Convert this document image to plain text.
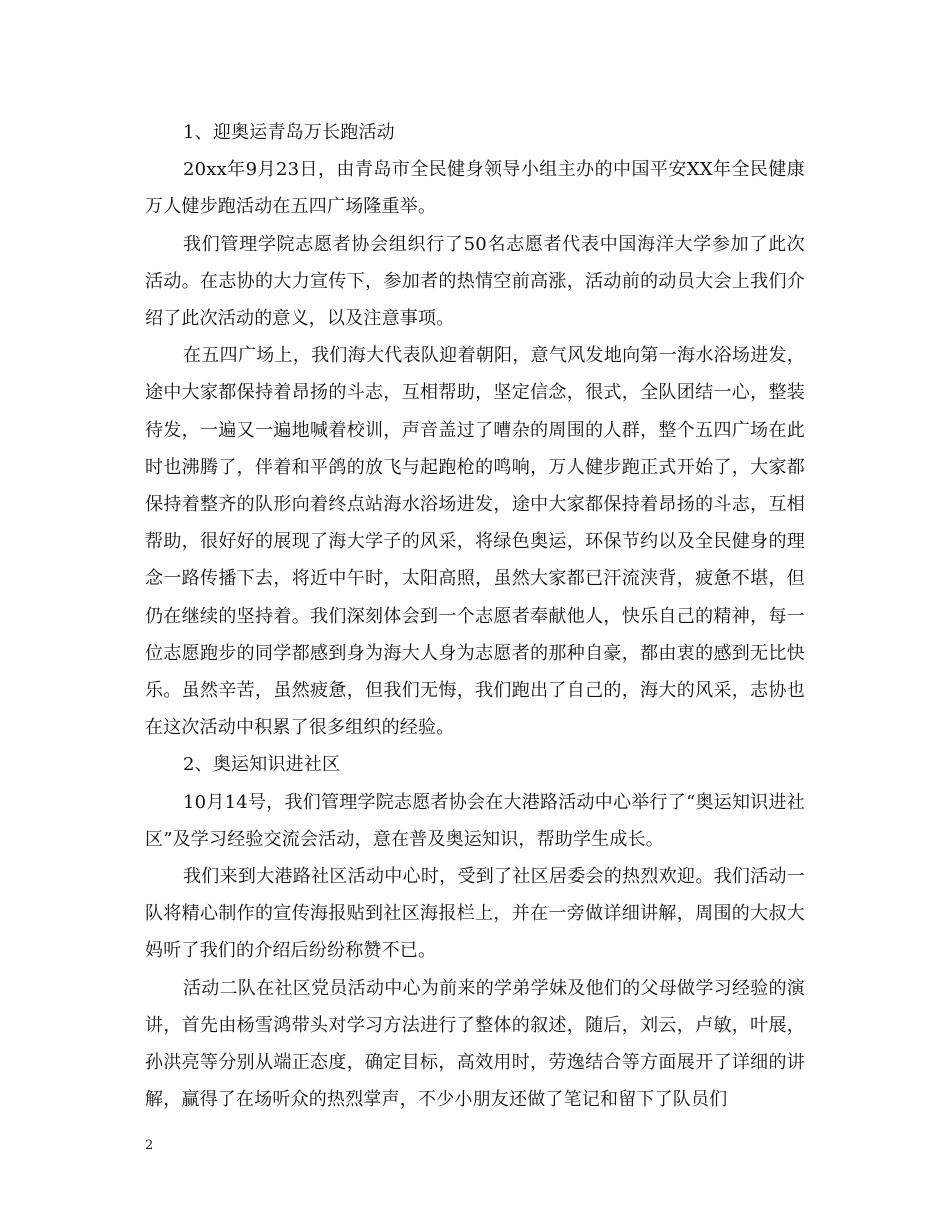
1、迎奥运青岛万长跑活动

20xx年9月23日，由青岛市全民健身领导小组主办的中国平安XX年全民健康万人健步跑活动在五四广场隆重举。

我们管理学院志愿者协会组织行了50名志愿者代表中国海洋大学参加了此次活动。在志协的大力宣传下，参加者的热情空前高涨，活动前的动员大会上我们介绍了此次活动的意义，以及注意事项。

在五四广场上，我们海大代表队迎着朝阳，意气风发地向第一海水浴场进发，途中大家都保持着昂扬的斗志，互相帮助，坚定信念，很式，全队团结一心，整装待发，一遍又一遍地喊着校训，声音盖过了嘈杂的周围的人群，整个五四广场在此时也沸腾了，伴着和平鸽的放飞与起跑枪的鸣响，万人健步跑正式开始了，大家都保持着整齐的队形向着终点站海水浴场进发，途中大家都保持着昂扬的斗志，互相帮助，很好好的展现了海大学子的风采，将绿色奥运，环保节约以及全民健身的理念一路传播下去，将近中午时，太阳高照，虽然大家都已汗流浃背，疲惫不堪，但仍在继续的坚持着。我们深刻体会到一个志愿者奉献他人，快乐自己的精神，每一位志愿跑步的同学都感到身为海大人身为志愿者的那种自豪，都由衷的感到无比快乐。虽然辛苦，虽然疲惫，但我们无悔，我们跑出了自己的，海大的风采，志协也在这次活动中积累了很多组织的经验。

2、奥运知识进社区

10月14号，我们管理学院志愿者协会在大港路活动中心举行了“奥运知识进社区”及学习经验交流会活动，意在普及奥运知识，帮助学生成长。

我们来到大港路社区活动中心时，受到了社区居委会的热烈欢迎。我们活动一队将精心制作的宣传海报贴到社区海报栏上，并在一旁做详细讲解，周围的大叔大妈听了我们的介绍后纷纷称赞不已。

活动二队在社区党员活动中心为前来的学弟学妹及他们的父母做学习经验的演讲，首先由杨雪鸿带头对学习方法进行了整体的叙述，随后，刘云，卢敏，叶展，孙洪亮等分别从端正态度，确定目标，高效用时，劳逸结合等方面展开了详细的讲解，赢得了在场听众的热烈掌声，不少小朋友还做了笔记和留下了队员们

2
